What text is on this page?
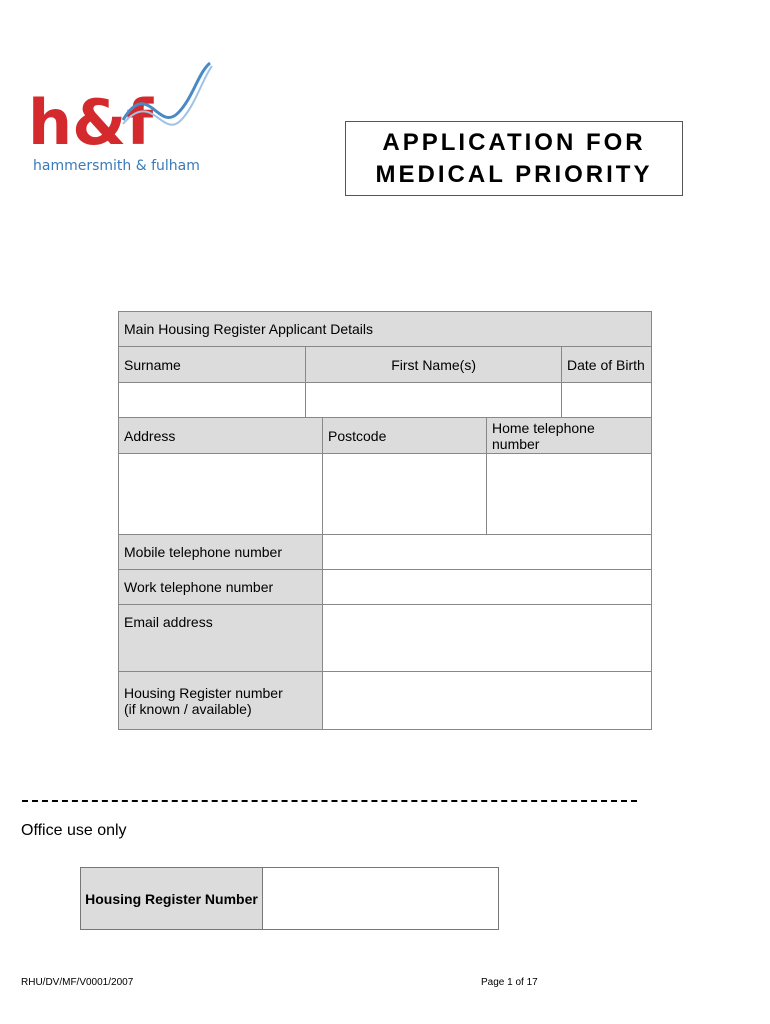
h&f
hammersmith & fulham
APPLICATION FOR MEDICAL PRIORITY
Main Housing Register Applicant Details				
Surname	First Name(s)			Date of Birth

Address		Postcode	Home telephone number	

Mobile telephone number				
Work telephone number				
Email address				

Housing Register number
(if known / available)				

Office use only
Housing Register Number
RHU/DV/MF/V0001/2007	Page 1 of 17
